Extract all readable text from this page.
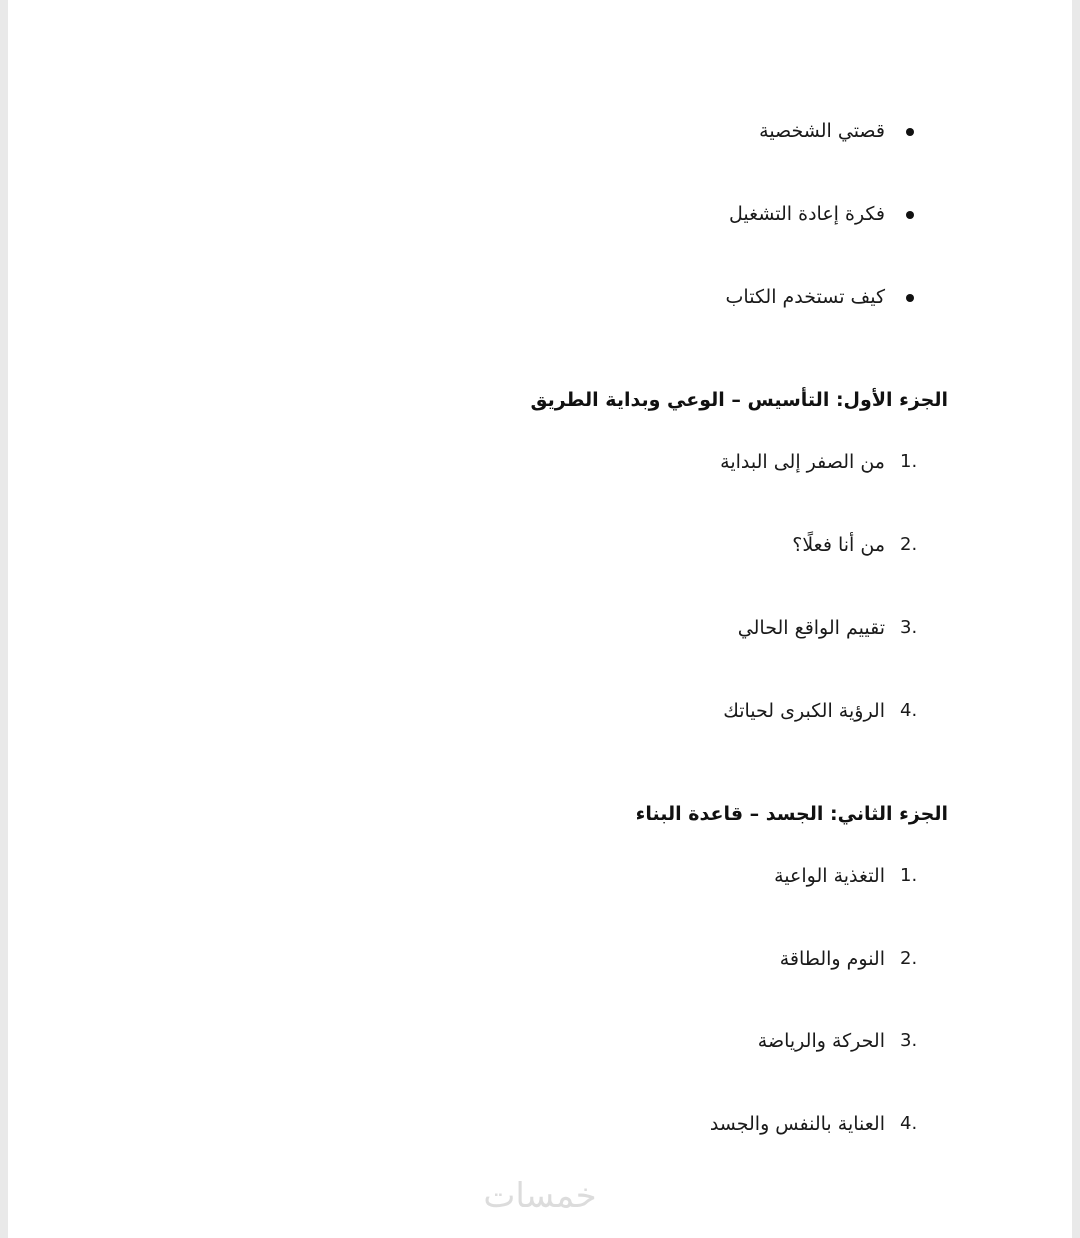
قصتي الشخصية
فكرة إعادة التشغيل
كيف تستخدم الكتاب
الجزء الأول: التأسيس – الوعي وبداية الطريق
1.
من الصفر إلى البداية
2.
من أنا فعلًا؟
3.
تقييم الواقع الحالي
4.
الرؤية الكبرى لحياتك
الجزء الثاني: الجسد – قاعدة البناء
1.
التغذية الواعية
2.
النوم والطاقة
3.
الحركة والرياضة
4.
العناية بالنفس والجسد
خمسات
